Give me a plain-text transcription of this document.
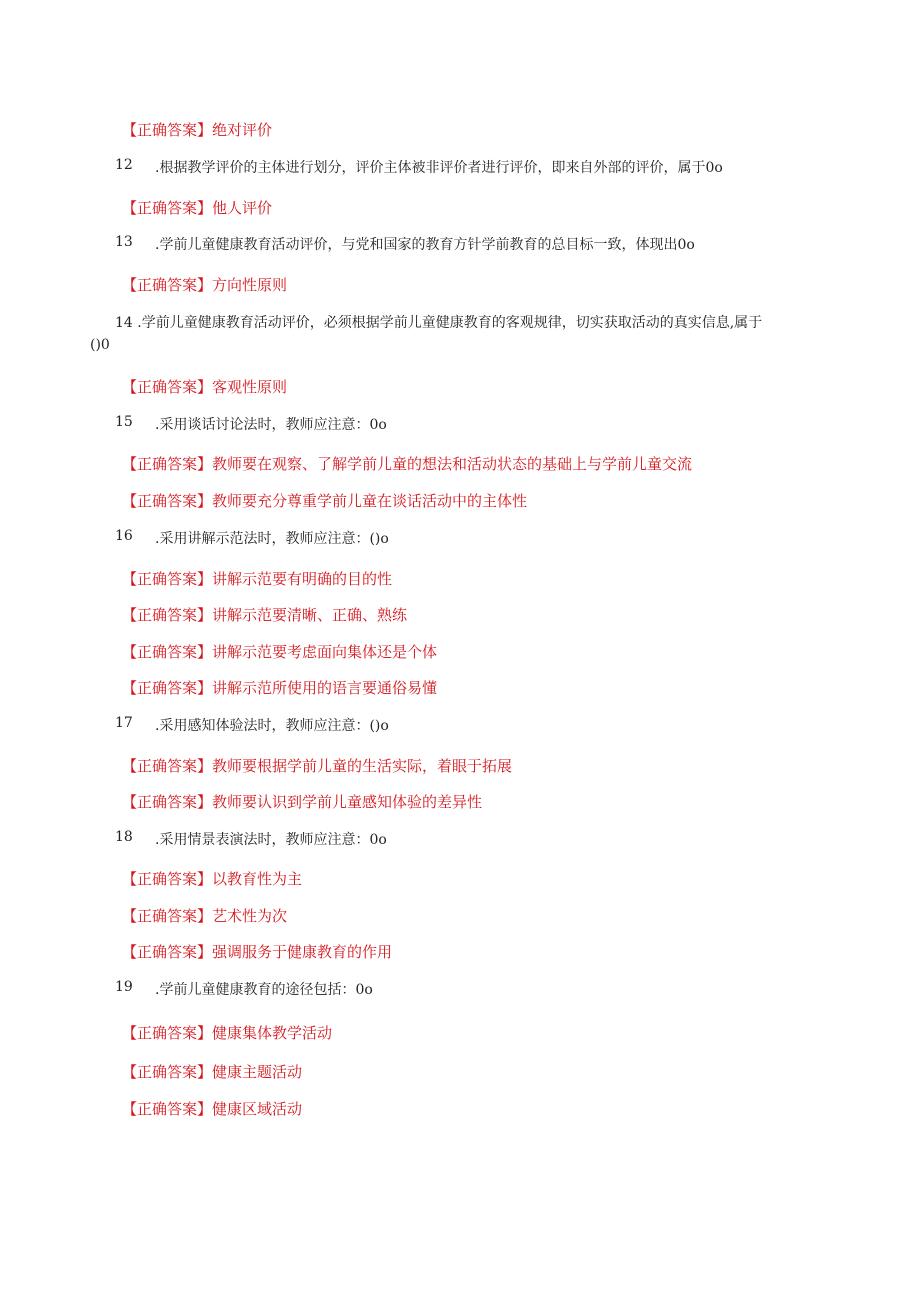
【正确答案】绝对评价
12 .根据教学评价的主体进行划分，评价主体被非评价者进行评价，即来自外部的评价，属于0o
【正确答案】他人评价
13 .学前儿童健康教育活动评价，与党和国家的教育方针学前教育的总目标一致，体现出0o
【正确答案】方向性原则
14 .学前儿童健康教育活动评价，必须根据学前儿童健康教育的客观规律，切实获取活动的真实信息,属于
()0
【正确答案】客观性原则
15 .采用谈话讨论法时，教师应注意：0o
【正确答案】教师要在观察、了解学前儿童的想法和活动状态的基础上与学前儿童交流
【正确答案】教师要充分尊重学前儿童在谈话活动中的主体性
16 .采用讲解示范法时，教师应注意：()o
【正确答案】讲解示范要有明确的目的性
【正确答案】讲解示范要清晰、正确、熟练
【正确答案】讲解示范要考虑面向集体还是个体
【正确答案】讲解示范所使用的语言要通俗易懂
17 .采用感知体验法时，教师应注意：()o
【正确答案】教师要根据学前儿童的生活实际，着眼于拓展
【正确答案】教师要认识到学前儿童感知体验的差异性
18 .采用情景表演法时，教师应注意：0o
【正确答案】以教育性为主
【正确答案】艺术性为次
【正确答案】强调服务于健康教育的作用
19 .学前儿童健康教育的途径包括：0o
【正确答案】健康集体教学活动
【正确答案】健康主题活动
【正确答案】健康区域活动
